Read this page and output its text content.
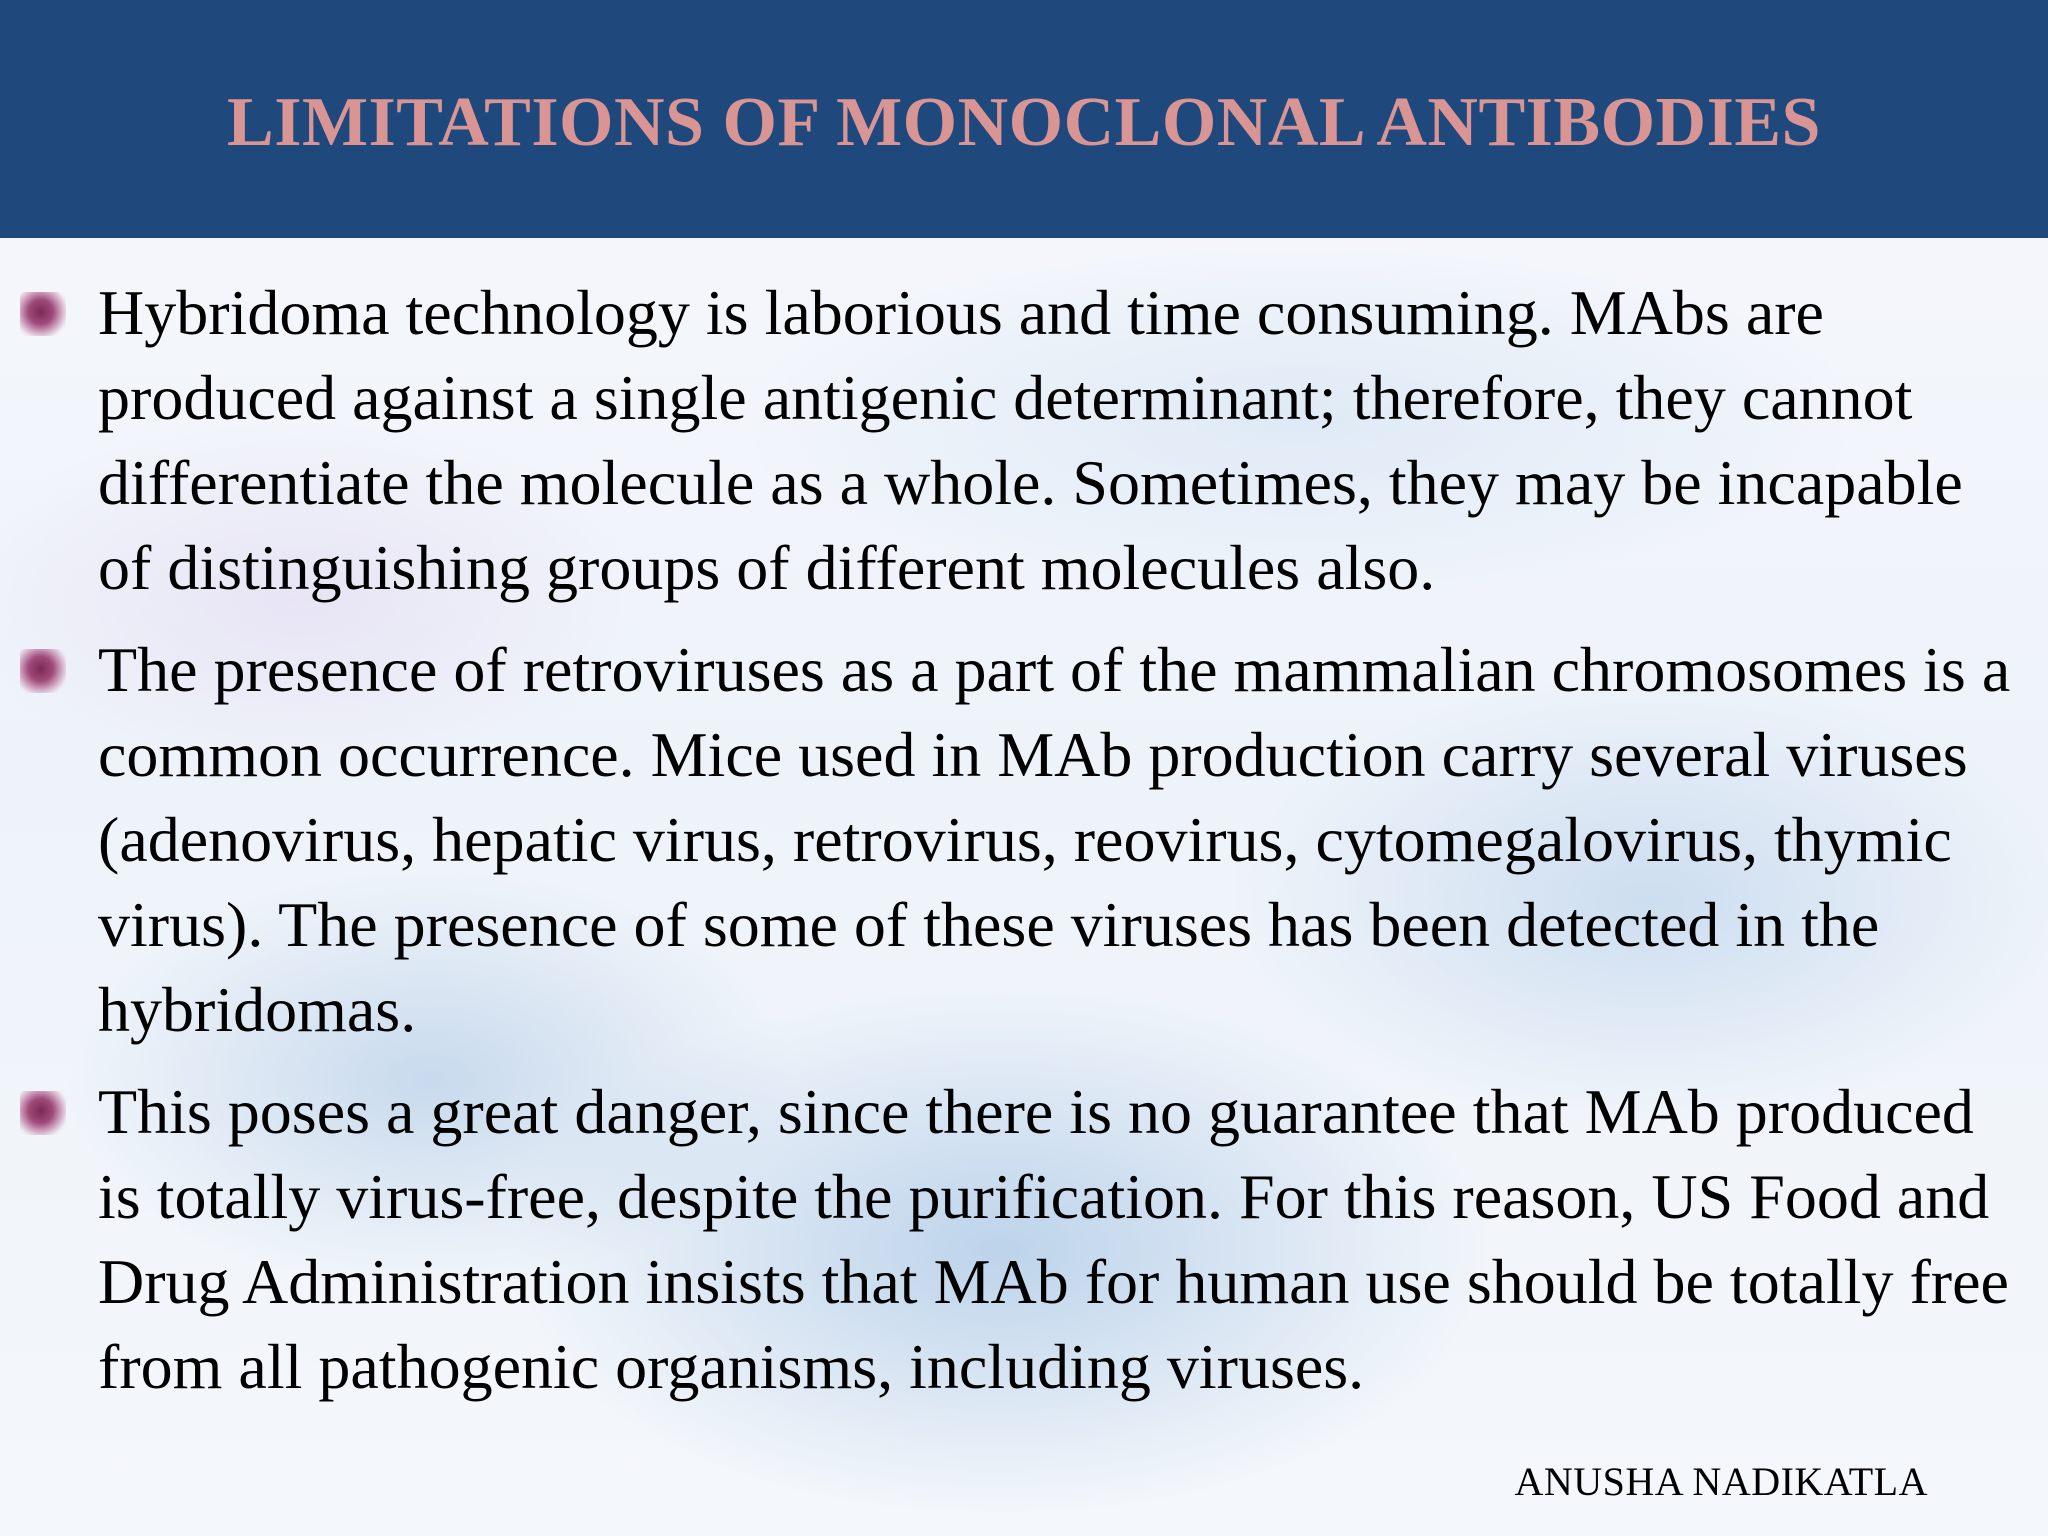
LIMITATIONS OF MONOCLONAL ANTIBODIES
Hybridoma technology is laborious and time consuming. MAbs are produced against a single antigenic determinant; therefore, they cannot differentiate the molecule as a whole. Sometimes, they may be incapable of distinguishing groups of different molecules also.
The presence of retroviruses as a part of the mammalian chromosomes is a common occurrence. Mice used in MAb production carry several viruses (adenovirus, hepatic virus, retrovirus, reovirus, cytomegalovirus, thymic virus). The presence of some of these viruses has been detected in the hybridomas.
This poses a great danger, since there is no guarantee that MAb produced is totally virus-free, despite the purification. For this reason, US Food and Drug Administration insists that MAb for human use should be totally free from all pathogenic organisms, including viruses.
ANUSHA NADIKATLA
